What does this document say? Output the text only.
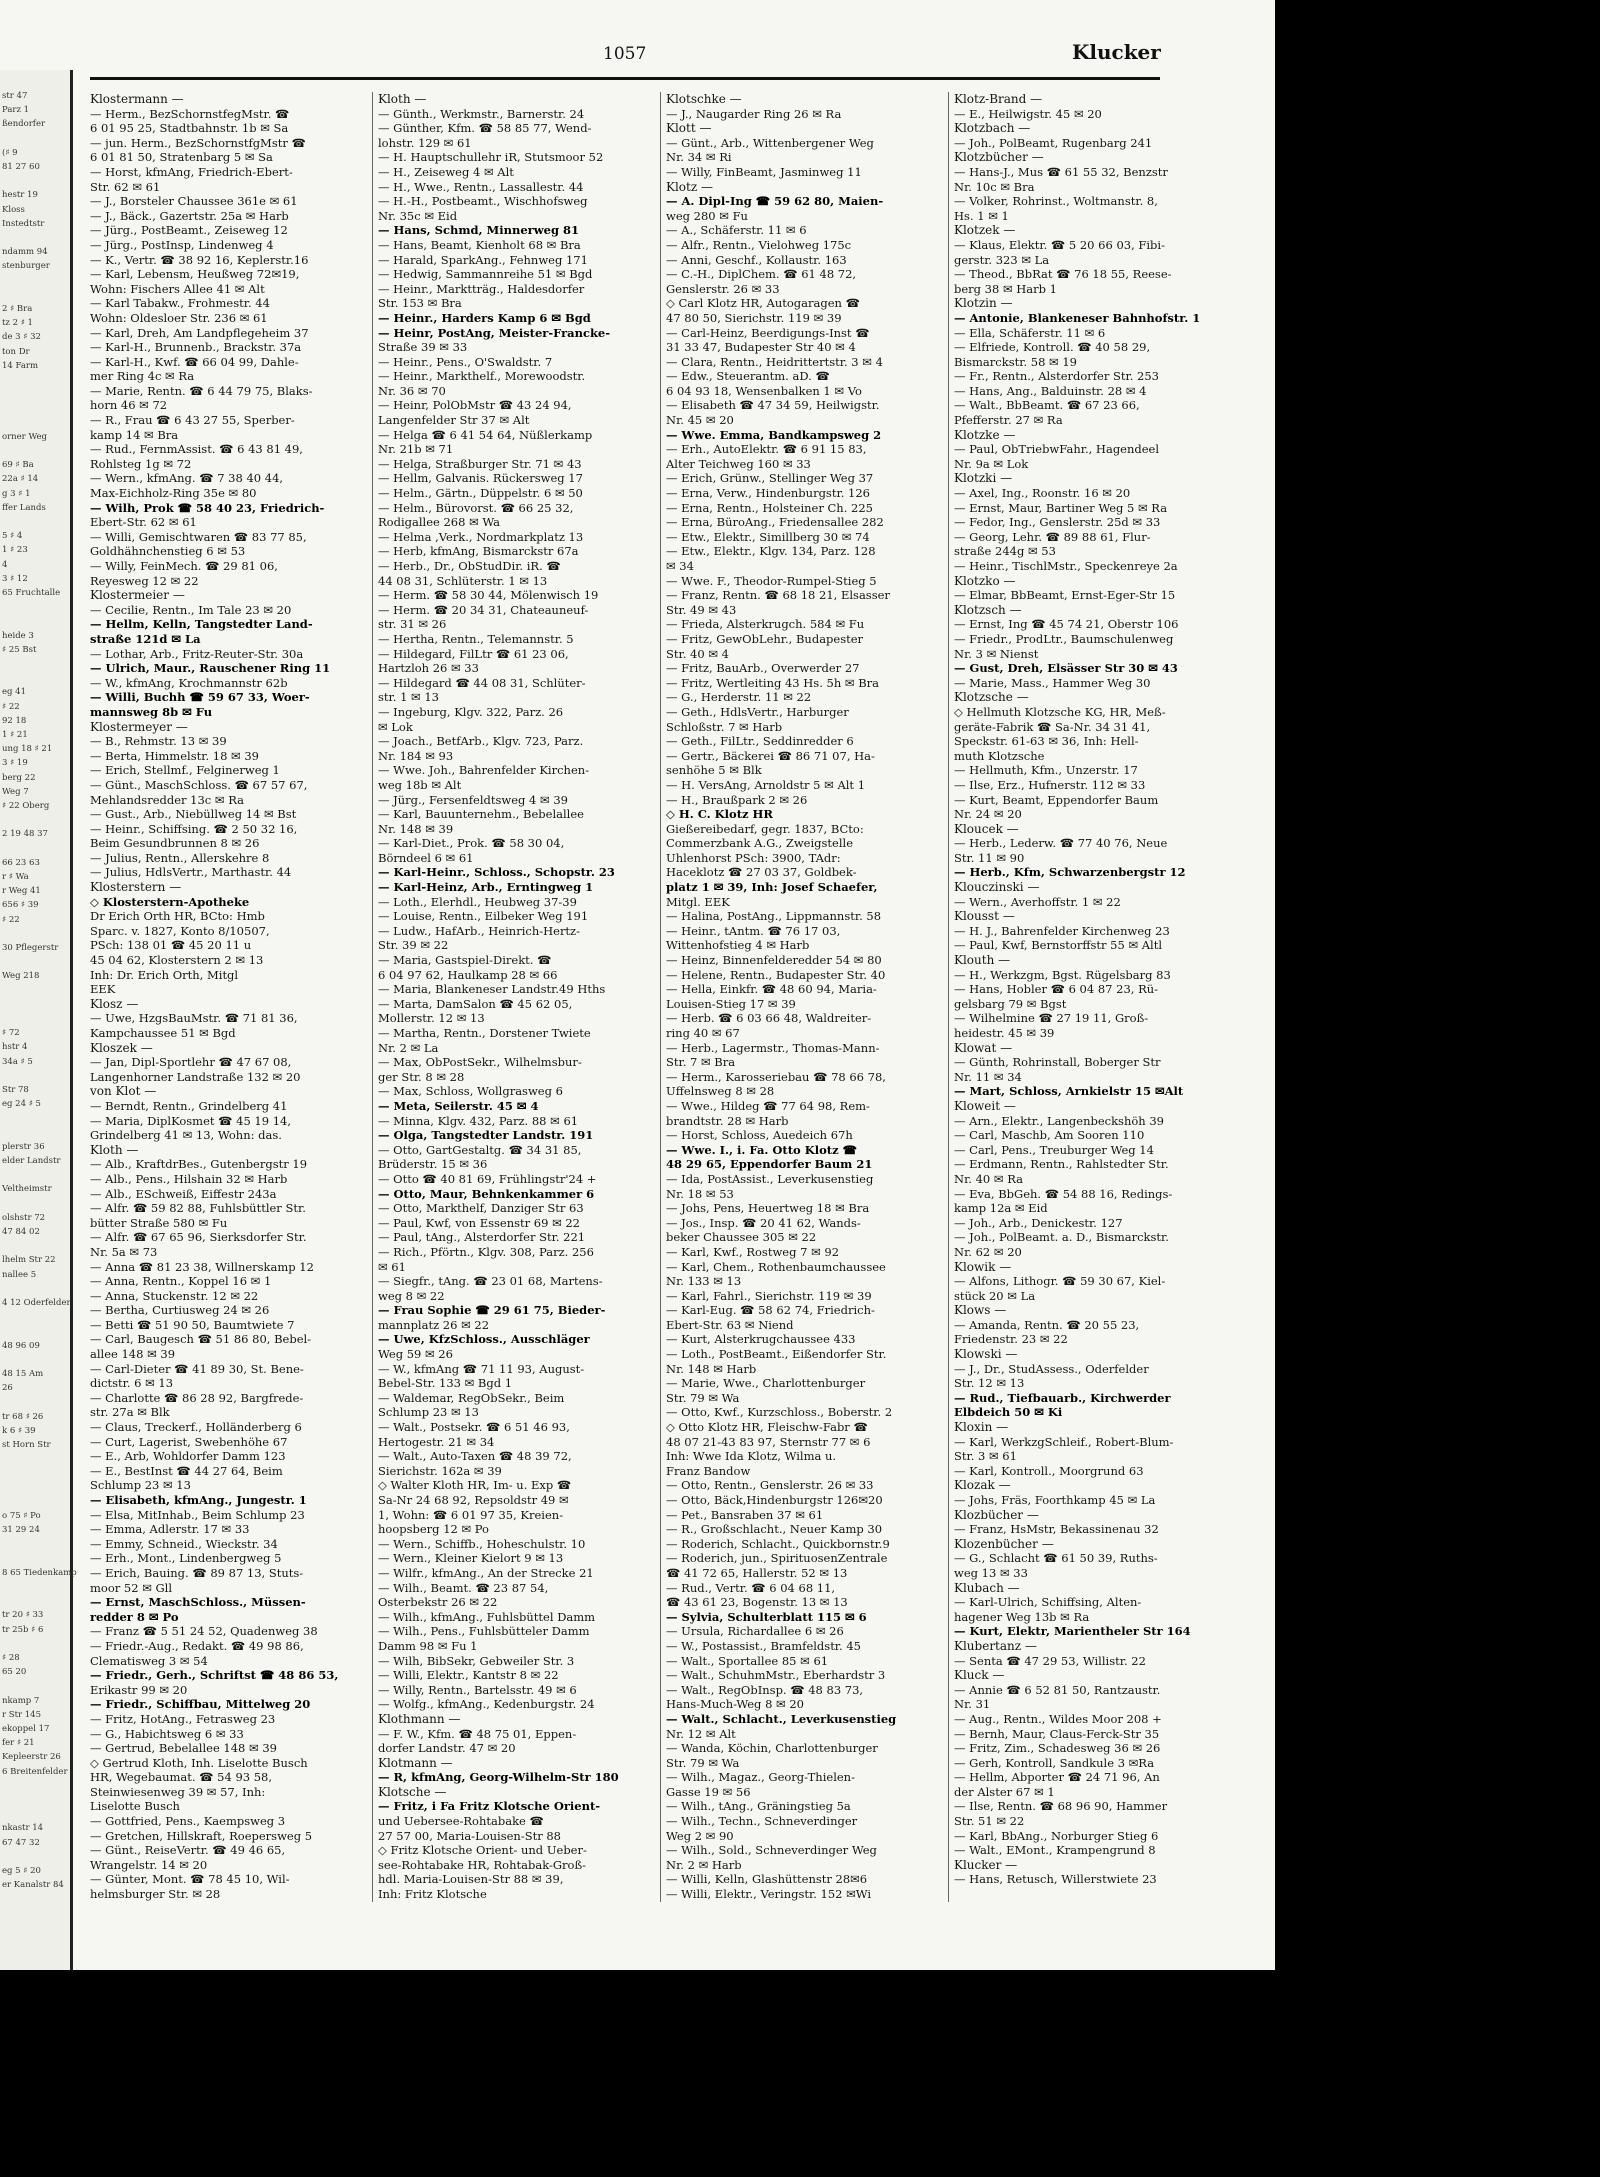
str 47
Parz 1
ßendorfer
(♯ 9
81 27 60
hestr 19
Kloss
Instedtstr
ndamm 94
stenburger
2 ♯ Bra
tz 2 ♯ 1
de 3 ♯ 32
ton Dr
14 Farm
orner Weg
69 ♯ Ba
22a ♯ 14
g 3 ♯ 1
ffer Lands
5 ♯ 4
1 ♯ 23
4
3 ♯ 12
65 Fruchtalle
heide 3
♯ 25 Bst
eg 41
♯ 22
92 18
1 ♯ 21
ung 18 ♯ 21
3 ♯ 19
berg 22
Weg 7
♯ 22 Oberg
2 19 48 37
66 23 63
r ♯ Wa
r Weg 41
656 ♯ 39
♯ 22
30 Pflegerstr
Weg 218
♯ 72
hstr 4
34a ♯ 5
Str 78
eg 24 ♯ 5
plerstr 36
elder Landstr
Veltheimstr
olshstr 72
47 84 02
lhelm Str 22
nallee 5
4 12 Oderfelder
48 96 09
48 15 Am
26
tr 68 ♯ 26
k 6 ♯ 39
st Horn Str
o 75 ♯ Po
31 29 24
8 65 Tiedenkamp
tr 20 ♯ 33
tr 25b ♯ 6
♯ 28
65 20
nkamp 7
r Str 145
ekoppel 17
fer ♯ 21
Kepleerstr 26
6 Breitenfelder
nkastr 14
67 47 32
eg 5 ♯ 20
er Kanalstr 84
1057	Klucker
Klostermann —
— Herm., BezSchornstfegMstr. ☎
6 01 95 25, Stadtbahnstr. 1b ✉ Sa
— jun. Herm., BezSchornstfgMstr ☎
6 01 81 50, Stratenbarg 5 ✉ Sa
— Horst, kfmAng, Friedrich-Ebert-
Str. 62 ✉ 61
— J., Borsteler Chaussee 361e ✉ 61
— J., Bäck., Gazertstr. 25a ✉ Harb
— Jürg., PostBeamt., Zeiseweg 12
— Jürg., PostInsp, Lindenweg 4
— K., Vertr. ☎ 38 92 16, Keplerstr.16
— Karl, Lebensm, Heußweg 72✉19,
Wohn: Fischers Allee 41 ✉ Alt
— Karl Tabakw., Frohmestr. 44
Wohn: Oldesloer Str. 236 ✉ 61
— Karl, Dreh, Am Landpflegeheim 37
— Karl-H., Brunnenb., Brackstr. 37a
— Karl-H., Kwf. ☎ 66 04 99, Dahle-
mer Ring 4c ✉ Ra
— Marie, Rentn. ☎ 6 44 79 75, Blaks-
horn 46 ✉ 72
— R., Frau ☎ 6 43 27 55, Sperber-
kamp 14 ✉ Bra
— Rud., FernmAssist. ☎ 6 43 81 49,
Rohlsteg 1g ✉ 72
— Wern., kfmAng. ☎ 7 38 40 44,
Max-Eichholz-Ring 35e ✉ 80
— Wilh, Prok ☎ 58 40 23, Friedrich-
Ebert-Str. 62 ✉ 61
— Willi, Gemischtwaren ☎ 83 77 85,
Goldhähnchenstieg 6 ✉ 53
— Willy, FeinMech. ☎ 29 81 06,
Reyesweg 12 ✉ 22
Klostermeier —
— Cecilie, Rentn., Im Tale 23 ✉ 20
— Hellm, Kelln, Tangstedter Land-
straße 121d ✉ La
— Lothar, Arb., Fritz-Reuter-Str. 30a
— Ulrich, Maur., Rauschener Ring 11
— W., kfmAng, Krochmannstr 62b
— Willi, Buchh ☎ 59 67 33, Woer-
mannsweg 8b ✉ Fu
Klostermeyer —
— B., Rehmstr. 13 ✉ 39
— Berta, Himmelstr. 18 ✉ 39
— Erich, Stellmf., Felginerweg 1
— Günt., MaschSchloss. ☎ 67 57 67,
Mehlandsredder 13c ✉ Ra
— Gust., Arb., Niebüllweg 14 ✉ Bst
— Heinr., Schiffsing. ☎ 2 50 32 16,
Beim Gesundbrunnen 8 ✉ 26
— Julius, Rentn., Allerskehre 8
— Julius, HdlsVertr., Marthastr. 44
Klosterstern —
◇ Klosterstern-Apotheke
Dr Erich Orth HR, BCto: Hmb
Sparc. v. 1827, Konto 8/10507,
PSch: 138 01 ☎ 45 20 11 u
45 04 62, Klosterstern 2 ✉ 13
Inh: Dr. Erich Orth, Mitgl
EEK
Klosz —
— Uwe, HzgsBauMstr. ☎ 71 81 36,
Kampchaussee 51 ✉ Bgd
Kloszek —
— Jan, Dipl-Sportlehr ☎ 47 67 08,
Langenhorner Landstraße 132 ✉ 20
von Klot —
— Berndt, Rentn., Grindelberg 41
— Maria, DiplKosmet ☎ 45 19 14,
Grindelberg 41 ✉ 13, Wohn: das.
Kloth —
— Alb., KraftdrBes., Gutenbergstr 19
— Alb., Pens., Hilshain 32 ✉ Harb
— Alb., ESchweiß, Eiffestr 243a
— Alfr. ☎ 59 82 88, Fuhlsbüttler Str.
bütter Straße 580 ✉ Fu
— Alfr. ☎ 67 65 96, Sierksdorfer Str.
Nr. 5a ✉ 73
— Anna ☎ 81 23 38, Willnerskamp 12
— Anna, Rentn., Koppel 16 ✉ 1
— Anna, Stuckenstr. 12 ✉ 22
— Bertha, Curtiusweg 24 ✉ 26
— Betti ☎ 51 90 50, Baumtwiete 7
— Carl, Baugesch ☎ 51 86 80, Bebel-
allee 148 ✉ 39
— Carl-Dieter ☎ 41 89 30, St. Bene-
dictstr. 6 ✉ 13
— Charlotte ☎ 86 28 92, Bargfrede-
str. 27a ✉ Blk
— Claus, Treckerf., Holländerberg 6
— Curt, Lagerist, Swebenhöhe 67
— E., Arb, Wohldorfer Damm 123
— E., BestInst ☎ 44 27 64, Beim
Schlump 23 ✉ 13
— Elisabeth, kfmAng., Jungestr. 1
— Elsa, MitInhab., Beim Schlump 23
— Emma, Adlerstr. 17 ✉ 33
— Emmy, Schneid., Wieckstr. 34
— Erh., Mont., Lindenbergweg 5
— Erich, Bauing. ☎ 89 87 13, Stuts-
moor 52 ✉ Gll
— Ernst, MaschSchloss., Müssen-
redder 8 ✉ Po
— Franz ☎ 5 51 24 52, Quadenweg 38
— Friedr.-Aug., Redakt. ☎ 49 98 86,
Clematisweg 3 ✉ 54
— Friedr., Gerh., Schriftst ☎ 48 86 53,
Erikastr 99 ✉ 20
— Friedr., Schiffbau, Mittelweg 20
— Fritz, HotAng., Fetrasweg 23
— G., Habichtsweg 6 ✉ 33
— Gertrud, Bebelallee 148 ✉ 39
◇ Gertrud Kloth, Inh. Liselotte Busch
HR, Wegebaumat. ☎ 54 93 58,
Steinwiesenweg 39 ✉ 57, Inh:
Liselotte Busch
— Gottfried, Pens., Kaempsweg 3
— Gretchen, Hillskraft, Roepersweg 5
— Günt., ReiseVertr. ☎ 49 46 65,
Wrangelstr. 14 ✉ 20
— Günter, Mont. ☎ 78 45 10, Wil-
helmsburger Str. ✉ 28
Kloth —
— Günth., Werkmstr., Barnerstr. 24
— Günther, Kfm. ☎ 58 85 77, Wend-
lohstr. 129 ✉ 61
— H. Hauptschullehr iR, Stutsmoor 52
— H., Zeiseweg 4 ✉ Alt
— H., Wwe., Rentn., Lassallestr. 44
— H.-H., Postbeamt., Wischhofsweg
Nr. 35c ✉ Eid
— Hans, Schmd, Minnerweg 81
— Hans, Beamt, Kienholt 68 ✉ Bra
— Harald, SparkAng., Fehnweg 171
— Hedwig, Sammannreihe 51 ✉ Bgd
— Heinr., Marktträg., Haldesdorfer
Str. 153 ✉ Bra
— Heinr., Harders Kamp 6 ✉ Bgd
— Heinr, PostAng, Meister-Francke-
Straße 39 ✉ 33
— Heinr., Pens., O'Swaldstr. 7
— Heinr., Markthelf., Morewoodstr.
Nr. 36 ✉ 70
— Heinr, PolObMstr ☎ 43 24 94,
Langenfelder Str 37 ✉ Alt
— Helga ☎ 6 41 54 64, Nüßlerkamp
Nr. 21b ✉ 71
— Helga, Straßburger Str. 71 ✉ 43
— Hellm, Galvanis. Rückersweg 17
— Helm., Gärtn., Düppelstr. 6 ✉ 50
— Helm., Bürovorst. ☎ 66 25 32,
Rodigallee 268 ✉ Wa
— Helma ,Verk., Nordmarkplatz 13
— Herb, kfmAng, Bismarckstr 67a
— Herb., Dr., ObStudDir. iR. ☎
44 08 31, Schlüterstr. 1 ✉ 13
— Herm. ☎ 58 30 44, Mölenwisch 19
— Herm. ☎ 20 34 31, Chateauneuf-
str. 31 ✉ 26
— Hertha, Rentn., Telemannstr. 5
— Hildegard, FilLtr ☎ 61 23 06,
Hartzloh 26 ✉ 33
— Hildegard ☎ 44 08 31, Schlüter-
str. 1 ✉ 13
— Ingeburg, Klgv. 322, Parz. 26
✉ Lok
— Joach., BetfArb., Klgv. 723, Parz.
Nr. 184 ✉ 93
— Wwe. Joh., Bahrenfelder Kirchen-
weg 18b ✉ Alt
— Jürg., Fersenfeldtsweg 4 ✉ 39
— Karl, Bauunternehm., Bebelallee
Nr. 148 ✉ 39
— Karl-Diet., Prok. ☎ 58 30 04,
Börndeel 6 ✉ 61
— Karl-Heinr., Schloss., Schopstr. 23
— Karl-Heinz, Arb., Erntingweg 1
— Loth., Elerhdl., Heubweg 37-39
— Louise, Rentn., Eilbeker Weg 191
— Ludw., HafArb., Heinrich-Hertz-
Str. 39 ✉ 22
— Maria, Gastspiel-Direkt. ☎
6 04 97 62, Haulkamp 28 ✉ 66
— Maria, Blankeneser Landstr.49 Hths
— Marta, DamSalon ☎ 45 62 05,
Mollerstr. 12 ✉ 13
— Martha, Rentn., Dorstener Twiete
Nr. 2 ✉ La
— Max, ObPostSekr., Wilhelmsbur-
ger Str. 8 ✉ 28
— Max, Schloss, Wollgrasweg 6
— Meta, Seilerstr. 45 ✉ 4
— Minna, Klgv. 432, Parz. 88 ✉ 61
— Olga, Tangstedter Landstr. 191
— Otto, GartGestaltg. ☎ 34 31 85,
Brüderstr. 15 ✉ 36
— Otto ☎ 40 81 69, Frühlingstr'24 +
— Otto, Maur, Behnkenkammer 6
— Otto, Markthelf, Danziger Str 63
— Paul, Kwf, von Essenstr 69 ✉ 22
— Paul, tAng., Alsterdorfer Str. 221
— Rich., Pförtn., Klgv. 308, Parz. 256
✉ 61
— Siegfr., tAng. ☎ 23 01 68, Martens-
weg 8 ✉ 22
— Frau Sophie ☎ 29 61 75, Bieder-
mannplatz 26 ✉ 22
— Uwe, KfzSchloss., Ausschläger
Weg 59 ✉ 26
— W., kfmAng ☎ 71 11 93, August-
Bebel-Str. 133 ✉ Bgd 1
— Waldemar, RegObSekr., Beim
Schlump 23 ✉ 13
— Walt., Postsekr. ☎ 6 51 46 93,
Hertogestr. 21 ✉ 34
— Walt., Auto-Taxen ☎ 48 39 72,
Sierichstr. 162a ✉ 39
◇ Walter Kloth HR, Im- u. Exp ☎
Sa-Nr 24 68 92, Repsoldstr 49 ✉
1, Wohn: ☎ 6 01 97 35, Kreien-
hoopsberg 12 ✉ Po
— Wern., Schiffb., Hoheschulstr. 10
— Wern., Kleiner Kielort 9 ✉ 13
— Wilfr., kfmAng., An der Strecke 21
— Wilh., Beamt. ☎ 23 87 54,
Osterbekstr 26 ✉ 22
— Wilh., kfmAng., Fuhlsbüttel Damm
— Wilh., Pens., Fuhlsbütteler Damm
Damm 98 ✉ Fu 1
— Wilh, BibSekr, Gebweiler Str. 3
— Willi, Elektr., Kantstr 8 ✉ 22
— Willy, Rentn., Bartelsstr. 49 ✉ 6
— Wolfg., kfmAng., Kedenburgstr. 24
Klothmann —
— F. W., Kfm. ☎ 48 75 01, Eppen-
dorfer Landstr. 47 ✉ 20
Klotmann —
— R, kfmAng, Georg-Wilhelm-Str 180
Klotsche —
— Fritz, i Fa Fritz Klotsche Orient-
und Uebersee-Rohtabake ☎
27 57 00, Maria-Louisen-Str 88
◇ Fritz Klotsche Orient- und Ueber-
see-Rohtabake HR, Rohtabak-Groß-
hdl. Maria-Louisen-Str 88 ✉ 39,
Inh: Fritz Klotsche
Klotschke —
— J., Naugarder Ring 26 ✉ Ra
Klott —
— Günt., Arb., Wittenbergener Weg
Nr. 34 ✉ Ri
— Willy, FinBeamt, Jasminweg 11
Klotz —
— A. Dipl-Ing ☎ 59 62 80, Maien-
weg 280 ✉ Fu
— A., Schäferstr. 11 ✉ 6
— Alfr., Rentn., Vielohweg 175c
— Anni, Geschf., Kollaustr. 163
— C.-H., DiplChem. ☎ 61 48 72,
Genslerstr. 26 ✉ 33
◇ Carl Klotz HR, Autogaragen ☎
47 80 50, Sierichstr. 119 ✉ 39
— Carl-Heinz, Beerdigungs-Inst ☎
31 33 47, Budapester Str 40 ✉ 4
— Clara, Rentn., Heidrittertstr. 3 ✉ 4
— Edw., Steuerantm. aD. ☎
6 04 93 18, Wensenbalken 1 ✉ Vo
— Elisabeth ☎ 47 34 59, Heilwigstr.
Nr. 45 ✉ 20
— Wwe. Emma, Bandkampsweg 2
— Erh., AutoElektr. ☎ 6 91 15 83,
Alter Teichweg 160 ✉ 33
— Erich, Grünw., Stellinger Weg 37
— Erna, Verw., Hindenburgstr. 126
— Erna, Rentn., Holsteiner Ch. 225
— Erna, BüroAng., Friedensallee 282
— Etw., Elektr., Simillberg 30 ✉ 74
— Etw., Elektr., Klgv. 134, Parz. 128
✉ 34
— Wwe. F., Theodor-Rumpel-Stieg 5
— Franz, Rentn. ☎ 68 18 21, Elsasser
Str. 49 ✉ 43
— Frieda, Alsterkrugch. 584 ✉ Fu
— Fritz, GewObLehr., Budapester
Str. 40 ✉ 4
— Fritz, BauArb., Overwerder 27
— Fritz, Wertleiting 43 Hs. 5h ✉ Bra
— G., Herderstr. 11 ✉ 22
— Geth., HdlsVertr., Harburger
Schloßstr. 7 ✉ Harb
— Geth., FilLtr., Seddinredder 6
— Gertr., Bäckerei ☎ 86 71 07, Ha-
senhöhe 5 ✉ Blk
— H. VersAng, Arnoldstr 5 ✉ Alt 1
— H., Braußpark 2 ✉ 26
◇ H. C. Klotz HR
Gießereibedarf, gegr. 1837, BCto:
Commerzbank A.G., Zweigstelle
Uhlenhorst PSch: 3900, TAdr:
Haceklotz ☎ 27 03 37, Goldbek-
platz 1 ✉ 39, Inh: Josef Schaefer,
Mitgl. EEK
— Halina, PostAng., Lippmannstr. 58
— Heinr., tAntm. ☎ 76 17 03,
Wittenhofstieg 4 ✉ Harb
— Heinz, Binnenfelderedder 54 ✉ 80
— Helene, Rentn., Budapester Str. 40
— Hella, Einkfr. ☎ 48 60 94, Maria-
Louisen-Stieg 17 ✉ 39
— Herb. ☎ 6 03 66 48, Waldreiter-
ring 40 ✉ 67
— Herb., Lagermstr., Thomas-Mann-
Str. 7 ✉ Bra
— Herm., Karosseriebau ☎ 78 66 78,
Uffelnsweg 8 ✉ 28
— Wwe., Hildeg ☎ 77 64 98, Rem-
brandtstr. 28 ✉ Harb
— Horst, Schloss, Auedeich 67h
— Wwe. I., i. Fa. Otto Klotz ☎
48 29 65, Eppendorfer Baum 21
— Ida, PostAssist., Leverkusenstieg
Nr. 18 ✉ 53
— Johs, Pens, Heuertweg 18 ✉ Bra
— Jos., Insp. ☎ 20 41 62, Wands-
beker Chaussee 305 ✉ 22
— Karl, Kwf., Rostweg 7 ✉ 92
— Karl, Chem., Rothenbaumchaussee
Nr. 133 ✉ 13
— Karl, Fahrl., Sierichstr. 119 ✉ 39
— Karl-Eug. ☎ 58 62 74, Friedrich-
Ebert-Str. 63 ✉ Niend
— Kurt, Alsterkrugchaussee 433
— Loth., PostBeamt., Eißendorfer Str.
Nr. 148 ✉ Harb
— Marie, Wwe., Charlottenburger
Str. 79 ✉ Wa
— Otto, Kwf., Kurzschloss., Boberstr. 2
◇ Otto Klotz HR, Fleischw-Fabr ☎
48 07 21-43 83 97, Sternstr 77 ✉ 6
Inh: Wwe Ida Klotz, Wilma u.
Franz Bandow
— Otto, Rentn., Genslerstr. 26 ✉ 33
— Otto, Bäck,Hindenburgstr 126✉20
— Pet., Bansraben 37 ✉ 61
— R., Großschlacht., Neuer Kamp 30
— Roderich, Schlacht., Quickbornstr.9
— Roderich, jun., SpirituosenZentrale
☎ 41 72 65, Hallerstr. 52 ✉ 13
— Rud., Vertr. ☎ 6 04 68 11,
☎ 43 61 23, Bogenstr. 13 ✉ 13
— Sylvia, Schulterblatt 115 ✉ 6
— Ursula, Richardallee 6 ✉ 26
— W., Postassist., Bramfeldstr. 45
— Walt., Sportallee 85 ✉ 61
— Walt., SchuhmMstr., Eberhardstr 3
— Walt., RegObInsp. ☎ 48 83 73,
Hans-Much-Weg 8 ✉ 20
— Walt., Schlacht., Leverkusenstieg
Nr. 12 ✉ Alt
— Wanda, Köchin, Charlottenburger
Str. 79 ✉ Wa
— Wilh., Magaz., Georg-Thielen-
Gasse 19 ✉ 56
— Wilh., tAng., Gräningstieg 5a
— Wilh., Techn., Schneverdinger
Weg 2 ✉ 90
— Wilh., Sold., Schneverdinger Weg
Nr. 2 ✉ Harb
— Willi, Kelln, Glashüttenstr 28✉6
— Willi, Elektr., Veringstr. 152 ✉Wi
Klotz-Brand —
— E., Heilwigstr. 45 ✉ 20
Klotzbach —
— Joh., PolBeamt, Rugenbarg 241
Klotzbücher —
— Hans-J., Mus ☎ 61 55 32, Benzstr
Nr. 10c ✉ Bra
— Volker, Rohrinst., Woltmanstr. 8,
Hs. 1 ✉ 1
Klotzek —
— Klaus, Elektr. ☎ 5 20 66 03, Fibi-
gerstr. 323 ✉ La
— Theod., BbRat ☎ 76 18 55, Reese-
berg 38 ✉ Harb 1
Klotzin —
— Antonie, Blankeneser Bahnhofstr. 1
— Ella, Schäferstr. 11 ✉ 6
— Elfriede, Kontroll. ☎ 40 58 29,
Bismarckstr. 58 ✉ 19
— Fr., Rentn., Alsterdorfer Str. 253
— Hans, Ang., Balduinstr. 28 ✉ 4
— Walt., BbBeamt. ☎ 67 23 66,
Pfefferstr. 27 ✉ Ra
Klotzke —
— Paul, ObTriebwFahr., Hagendeel
Nr. 9a ✉ Lok
Klotzki —
— Axel, Ing., Roonstr. 16 ✉ 20
— Ernst, Maur, Bartiner Weg 5 ✉ Ra
— Fedor, Ing., Genslerstr. 25d ✉ 33
— Georg, Lehr. ☎ 89 88 61, Flur-
straße 244g ✉ 53
— Heinr., TischlMstr., Speckenreye 2a
Klotzko —
— Elmar, BbBeamt, Ernst-Eger-Str 15
Klotzsch —
— Ernst, Ing ☎ 45 74 21, Oberstr 106
— Friedr., ProdLtr., Baumschulenweg
Nr. 3 ✉ Nienst
— Gust, Dreh, Elsässer Str 30 ✉ 43
— Marie, Mass., Hammer Weg 30
Klotzsche —
◇ Hellmuth Klotzsche KG, HR, Meß-
geräte-Fabrik ☎ Sa-Nr. 34 31 41,
Speckstr. 61-63 ✉ 36, Inh: Hell-
muth Klotzsche
— Hellmuth, Kfm., Unzerstr. 17
— Ilse, Erz., Hufnerstr. 112 ✉ 33
— Kurt, Beamt, Eppendorfer Baum
Nr. 24 ✉ 20
Kloucek —
— Herb., Lederw. ☎ 77 40 76, Neue
Str. 11 ✉ 90
— Herb., Kfm, Schwarzenbergstr 12
Klouczinski —
— Wern., Averhoffstr. 1 ✉ 22
Klousst —
— H. J., Bahrenfelder Kirchenweg 23
— Paul, Kwf, Bernstorffstr 55 ✉ Altl
Klouth —
— H., Werkzgm, Bgst. Rügelsbarg 83
— Hans, Hobler ☎ 6 04 87 23, Rü-
gelsbarg 79 ✉ Bgst
— Wilhelmine ☎ 27 19 11, Groß-
heidestr. 45 ✉ 39
Klowat —
— Günth, Rohrinstall, Boberger Str
Nr. 11 ✉ 34
— Mart, Schloss, Arnkielstr 15 ✉Alt
Kloweit —
— Arn., Elektr., Langenbeckshöh 39
— Carl, Maschb, Am Sooren 110
— Carl, Pens., Treuburger Weg 14
— Erdmann, Rentn., Rahlstedter Str.
Nr. 40 ✉ Ra
— Eva, BbGeh. ☎ 54 88 16, Redings-
kamp 12a ✉ Eid
— Joh., Arb., Denickestr. 127
— Joh., PolBeamt. a. D., Bismarckstr.
Nr. 62 ✉ 20
Klowik —
— Alfons, Lithogr. ☎ 59 30 67, Kiel-
stück 20 ✉ La
Klows —
— Amanda, Rentn. ☎ 20 55 23,
Friedenstr. 23 ✉ 22
Klowski —
— J., Dr., StudAssess., Oderfelder
Str. 12 ✉ 13
— Rud., Tiefbauarb., Kirchwerder
Elbdeich 50 ✉ Ki
Kloxin —
— Karl, WerkzgSchleif., Robert-Blum-
Str. 3 ✉ 61
— Karl, Kontroll., Moorgrund 63
Klozak —
— Johs, Fräs, Foorthkamp 45 ✉ La
Klozbücher —
— Franz, HsMstr, Bekassinenau 32
Klozenbücher —
— G., Schlacht ☎ 61 50 39, Ruths-
weg 13 ✉ 33
Klubach —
— Karl-Ulrich, Schiffsing, Alten-
hagener Weg 13b ✉ Ra
— Kurt, Elektr, Marientheler Str 164
Klubertanz —
— Senta ☎ 47 29 53, Willistr. 22
Kluck —
— Annie ☎ 6 52 81 50, Rantzaustr.
Nr. 31
— Aug., Rentn., Wildes Moor 208 +
— Bernh, Maur, Claus-Ferck-Str 35
— Fritz, Zim., Schadesweg 36 ✉ 26
— Gerh, Kontroll, Sandkule 3 ✉Ra
— Hellm, Abporter ☎ 24 71 96, An
der Alster 67 ✉ 1
— Ilse, Rentn. ☎ 68 96 90, Hammer
Str. 51 ✉ 22
— Karl, BbAng., Norburger Stieg 6
— Walt., EMont., Krampengrund 8
Klucker —
— Hans, Retusch, Willerstwiete 23
